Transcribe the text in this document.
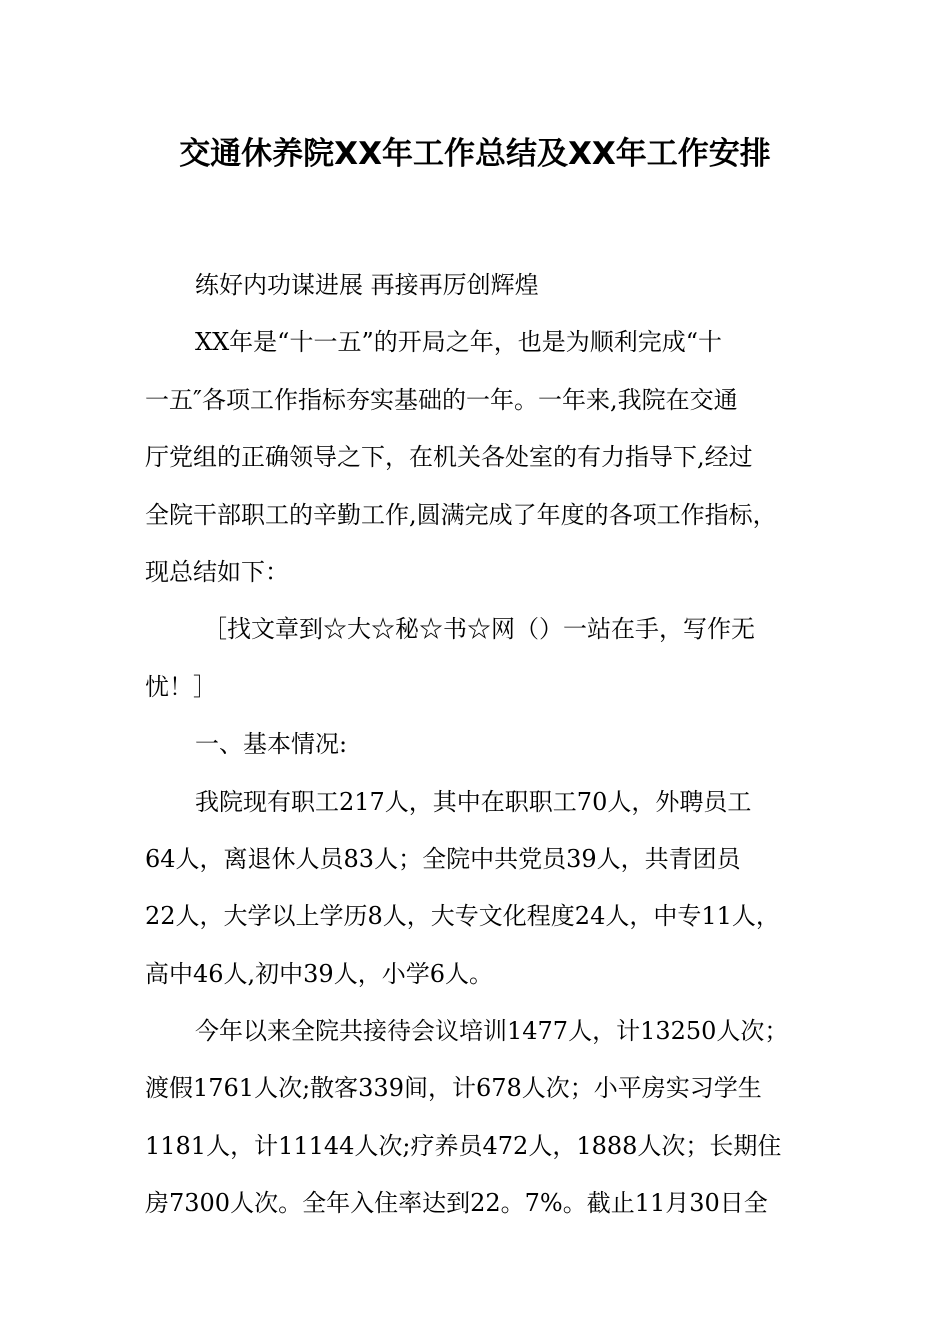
交通休养院XX年工作总结及XX年工作安排
练好内功谋进展 再接再厉创辉煌
XX年是“十一五”的开局之年，也是为顺利完成“十
一五″各项工作指标夯实基础的一年。一年来,我院在交通
厅党组的正确领导之下，在机关各处室的有力指导下,经过
全院干部职工的辛勤工作,圆满完成了年度的各项工作指标，
现总结如下：
［找文章到☆大☆秘☆书☆网（）一站在手，写作无
忧！］
一、基本情况:
我院现有职工217人，其中在职职工70人，外聘员工
64人，离退休人员83人；全院中共党员39人，共青团员
22人，大学以上学历8人，大专文化程度24人，中专11人，
高中46人,初中39人，小学6人。
今年以来全院共接待会议培训1477人，计13250人次；
渡假1761人次;散客339间，计678人次；小平房实习学生
1181人，计11144人次;疗养员472人，1888人次；长期住
房7300人次。全年入住率达到22。7%。截止11月30日全
